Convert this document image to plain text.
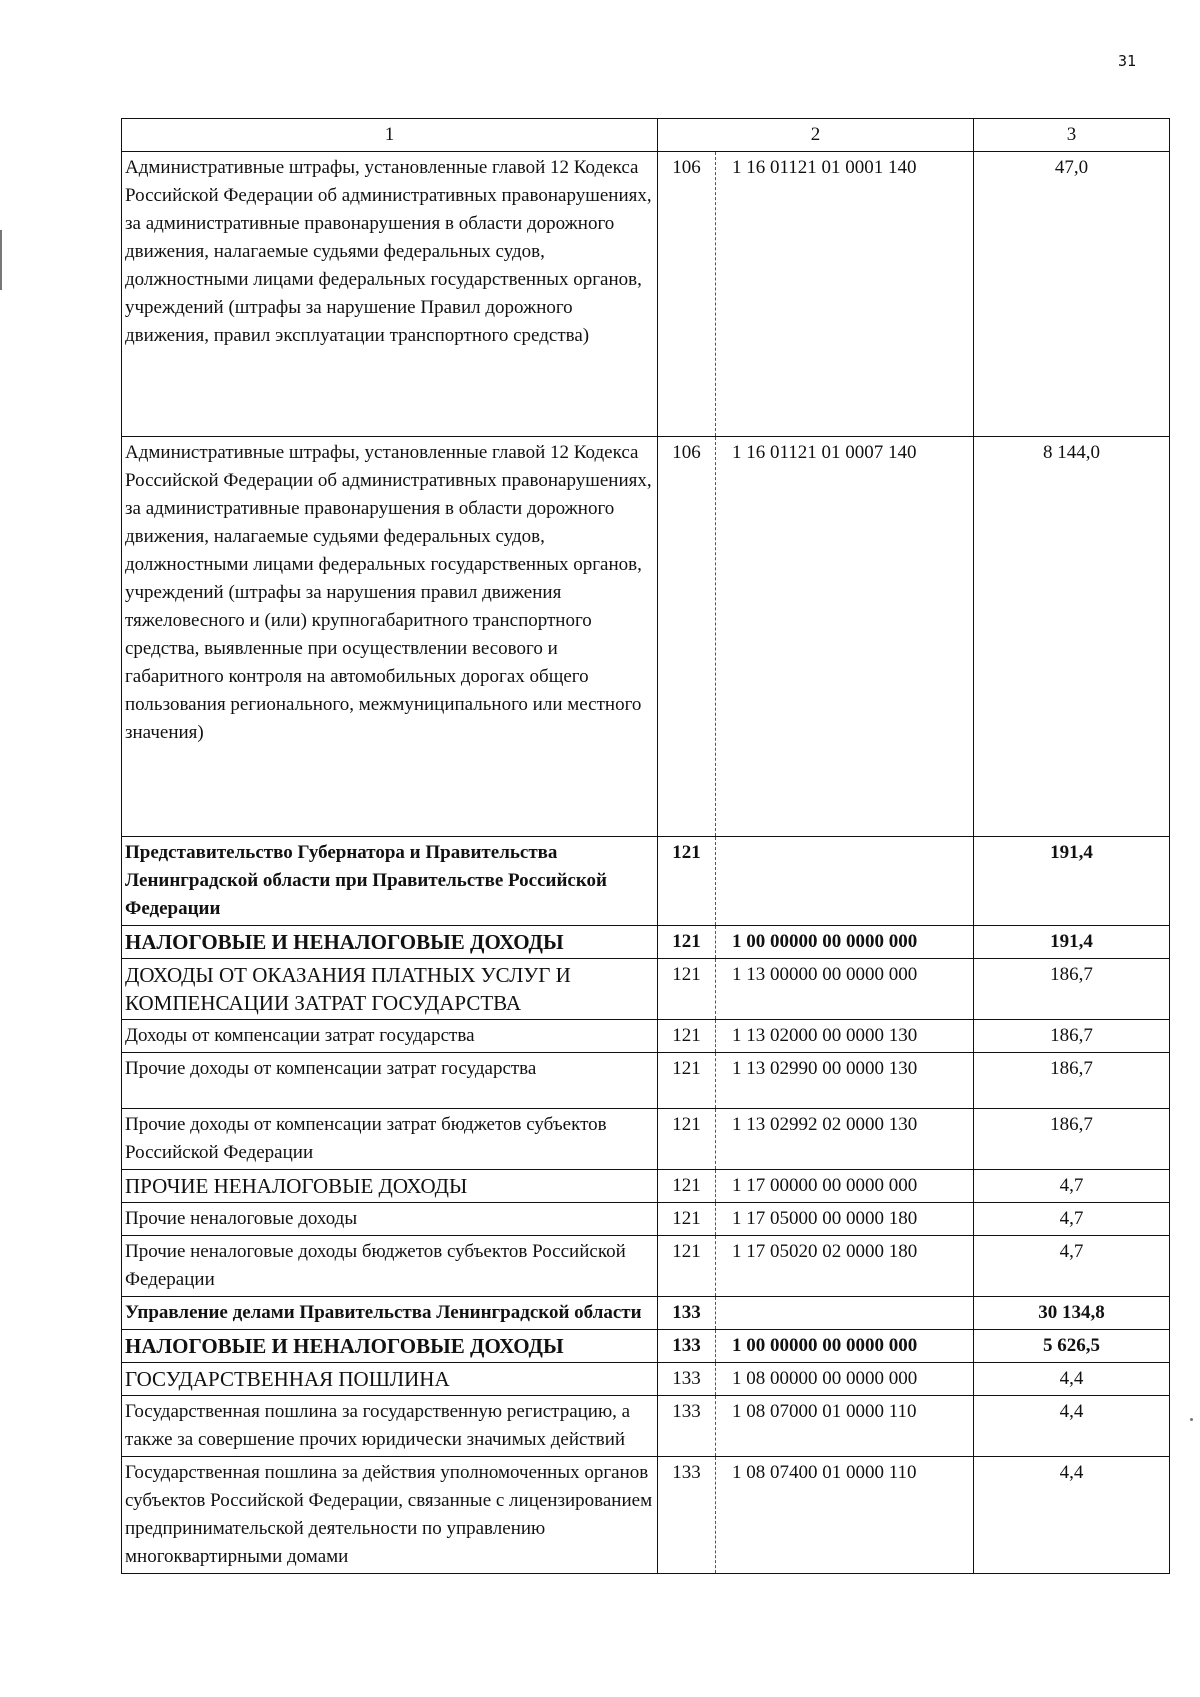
31
1	2		3
Административные штрафы, установленные главой 12 Кодекса Российской Федерации об административных правонарушениях, за административные правонарушения в области дорожного движения, налагаемые судьями федеральных судов, должностными лицами федеральных государственных органов, учреждений (штрафы за нарушение Правил дорожного движения, правил эксплуатации транспортного средства)	106	1 16 01121 01 0001 140	47,0
Административные штрафы, установленные главой 12 Кодекса Российской Федерации об административных правонарушениях, за административные правонарушения в области дорожного движения, налагаемые судьями федеральных судов, должностными лицами федеральных государственных органов, учреждений (штрафы за нарушения правил движения тяжеловесного и (или) крупногабаритного транспортного средства, выявленные при осуществлении весового и габаритного контроля на автомобильных дорогах общего пользования регионального, межмуниципального или местного значения)	106	1 16 01121 01 0007 140	8 144,0
Представительство Губернатора и Правительства Ленинградской области при Правительстве Российской Федерации	121		191,4
НАЛОГОВЫЕ И НЕНАЛОГОВЫЕ ДОХОДЫ	121	1 00 00000 00 0000 000	191,4
ДОХОДЫ ОТ ОКАЗАНИЯ ПЛАТНЫХ УСЛУГ И КОМПЕНСАЦИИ ЗАТРАТ ГОСУДАРСТВА	121	1 13 00000 00 0000 000	186,7
Доходы от компенсации затрат государства	121	1 13 02000 00 0000 130	186,7
Прочие доходы от компенсации затрат государства	121	1 13 02990 00 0000 130	186,7
Прочие доходы от компенсации затрат бюджетов субъектов Российской Федерации	121	1 13 02992 02 0000 130	186,7
ПРОЧИЕ НЕНАЛОГОВЫЕ ДОХОДЫ	121	1 17 00000 00 0000 000	4,7
Прочие неналоговые доходы	121	1 17 05000 00 0000 180	4,7
Прочие неналоговые доходы бюджетов субъектов Российской Федерации	121	1 17 05020 02 0000 180	4,7
Управление делами Правительства Ленинградской области	133		30 134,8
НАЛОГОВЫЕ И НЕНАЛОГОВЫЕ ДОХОДЫ	133	1 00 00000 00 0000 000	5 626,5
ГОСУДАРСТВЕННАЯ ПОШЛИНА	133	1 08 00000 00 0000 000	4,4
Государственная пошлина за государственную регистрацию, а также за совершение прочих юридически значимых действий	133	1 08 07000 01 0000 110	4,4
Государственная пошлина за действия уполномоченных органов субъектов Российской Федерации, связанные с лицензированием предпринимательской деятельности по управлению многоквартирными домами	133	1 08 07400 01 0000 110	4,4
